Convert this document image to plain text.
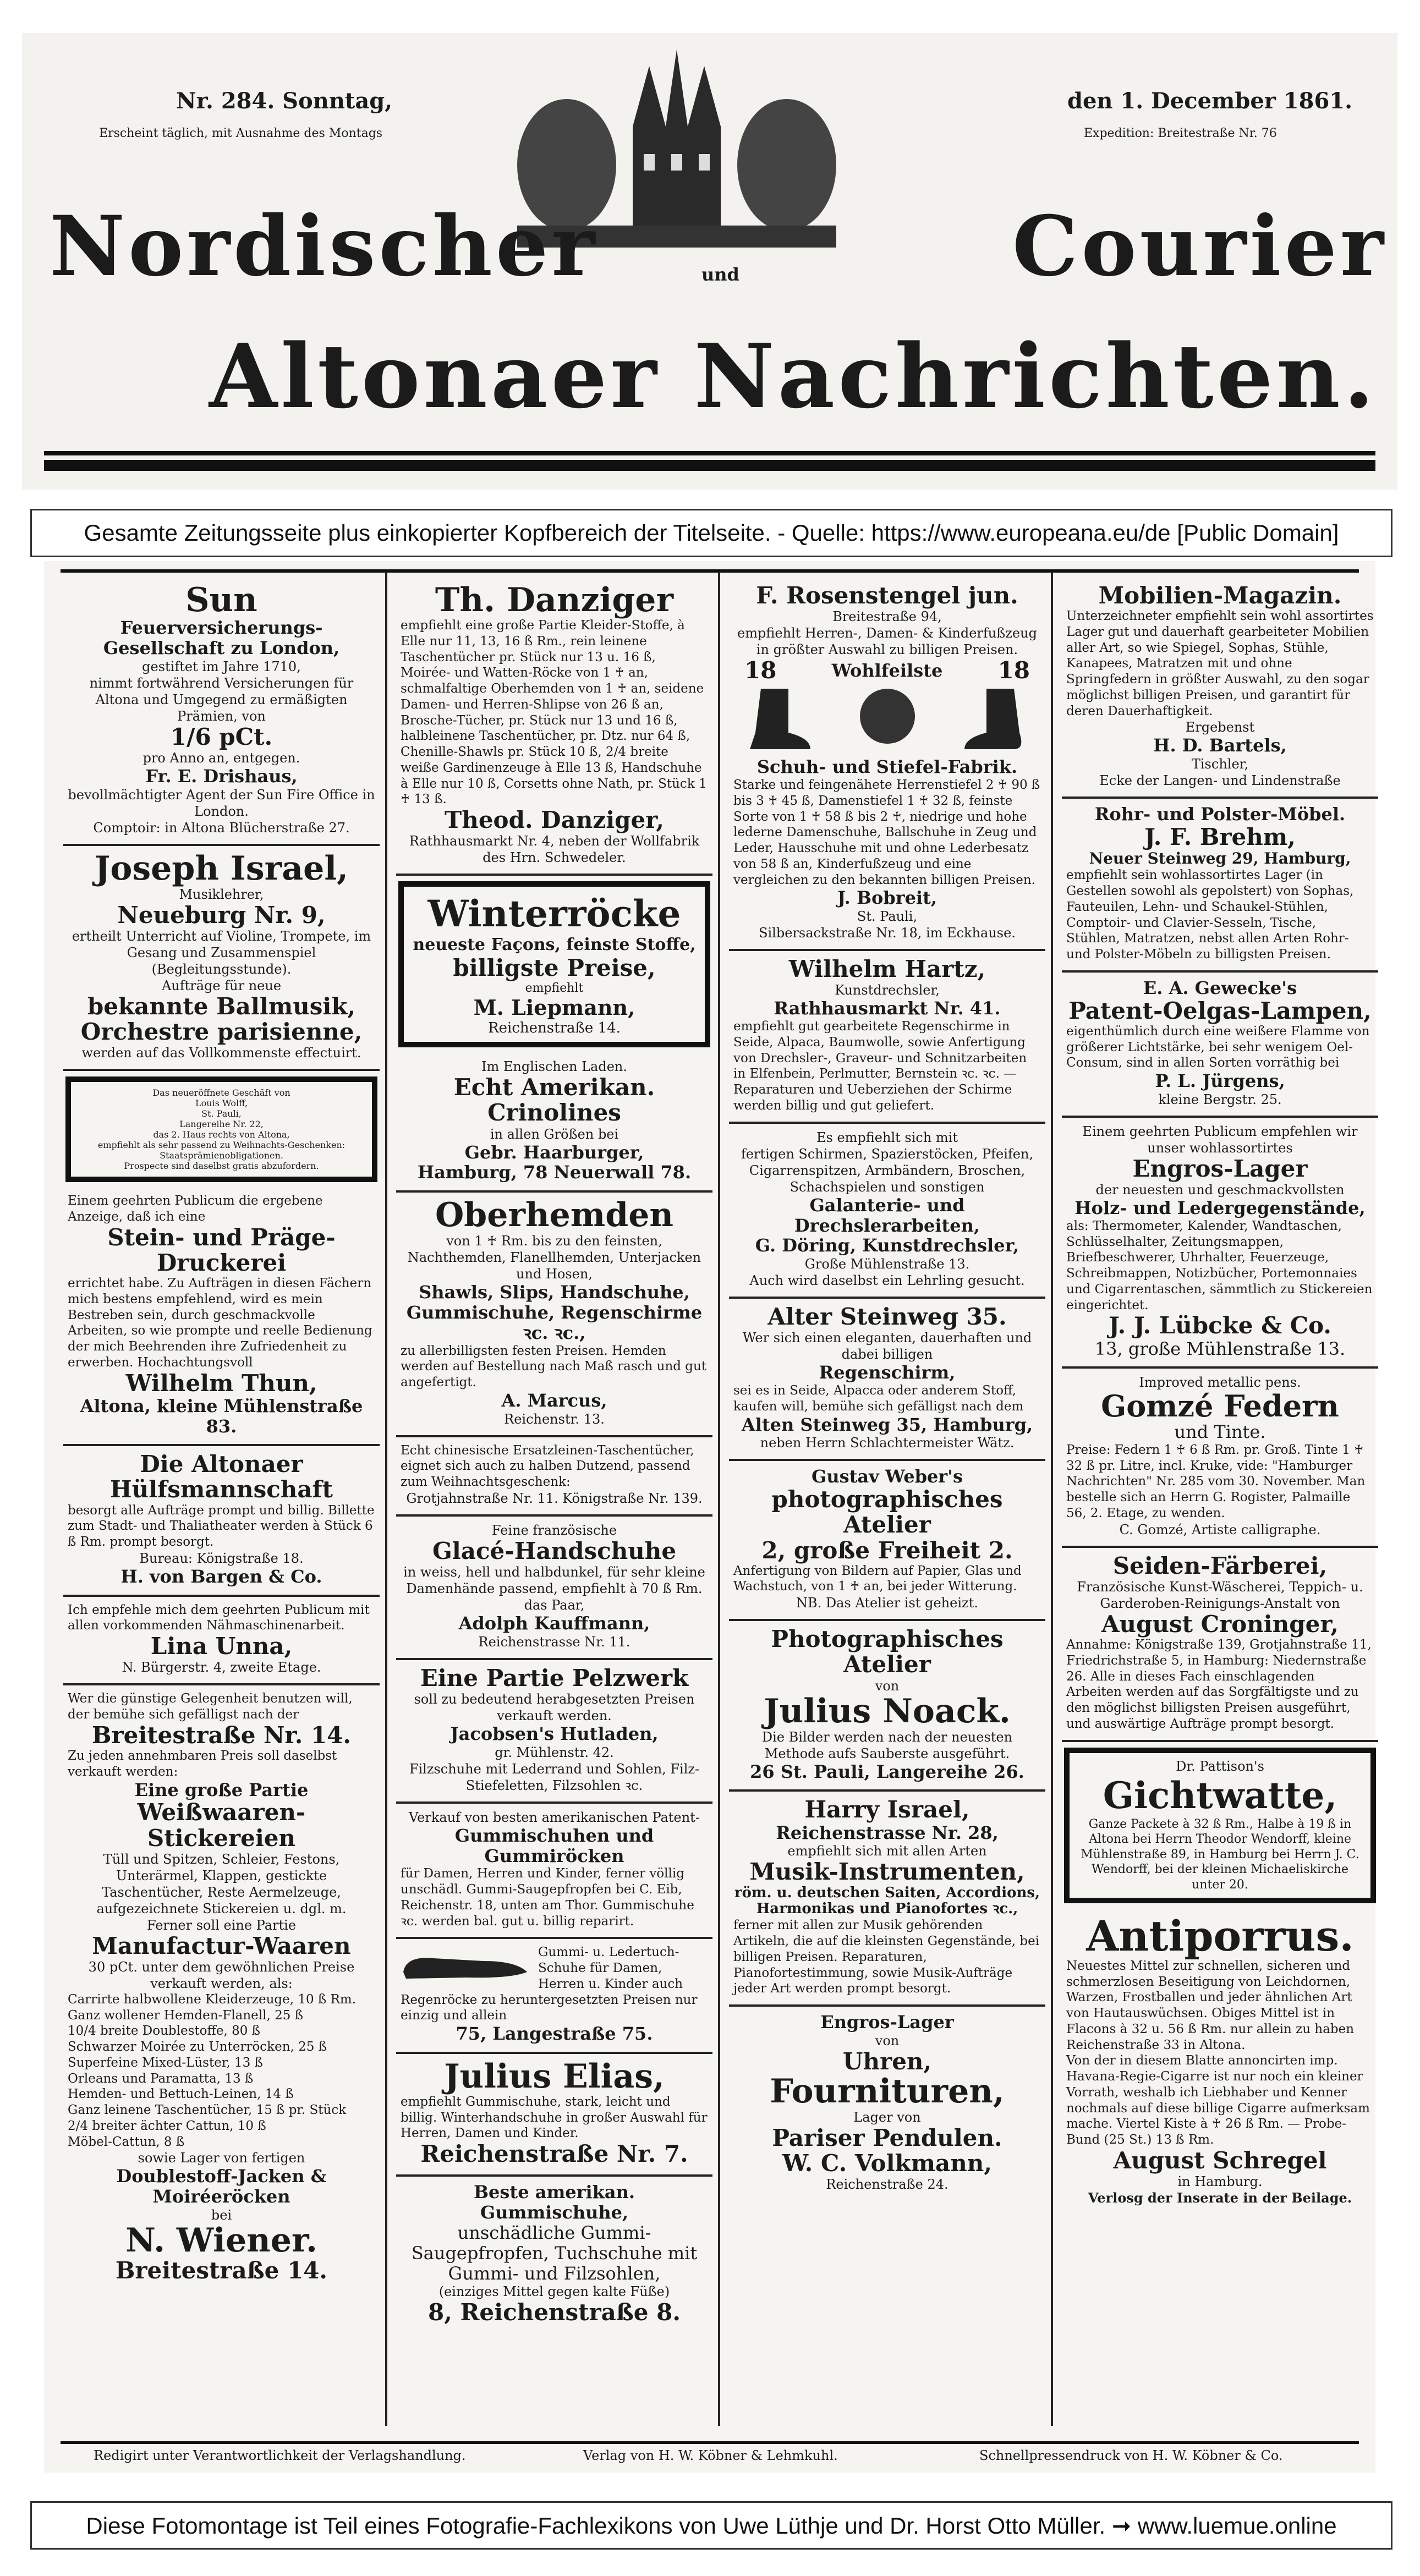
Nr. 284. Sonntag,	den 1. December 1861.
Erscheint täglich, mit Ausnahme des Montags	Expedition: Breitestraße Nr. 76
Nordischer	und	Courier
Altonaer Nachrichten.
Gesamte Zeitungsseite plus einkopierter Kopfbereich der Titelseite. - Quelle: https://www.europeana.eu/de [Public Domain]
Sun
Feuerversicherungs-Gesellschaft zu London,
gestiftet im Jahre 1710,
nimmt fortwährend Versicherungen für Altona und Umgegend zu ermäßigten Prämien, von
1/6 pCt.
pro Anno an, entgegen.
Fr. E. Drishaus,
bevollmächtigter Agent der Sun Fire Office in London.
Comptoir: in Altona Blücherstraße 27.
Joseph Israel,
Musiklehrer,
Neueburg Nr. 9,
ertheilt Unterricht auf Violine, Trompete, im Gesang und Zusammenspiel (Begleitungsstunde).
Aufträge für neue
bekannte Ballmusik,
Orchestre parisienne,
werden auf das Vollkommenste effectuirt.
Das neueröffnete Geschäft von
Louis Wolff,
St. Pauli,
Langereihe Nr. 22,
das 2. Haus rechts von Altona,
empfiehlt als sehr passend zu Weihnachts-Geschenken:
Staatsprämienobligationen.
Prospecte sind daselbst gratis abzufordern.
Einem geehrten Publicum die ergebene Anzeige, daß ich eine
Stein- und Präge-Druckerei
errichtet habe. Zu Aufträgen in diesen Fächern mich bestens empfehlend, wird es mein Bestreben sein, durch geschmackvolle Arbeiten, so wie prompte und reelle Bedienung der mich Beehrenden ihre Zufriedenheit zu erwerben. Hochachtungsvoll
Wilhelm Thun,
Altona, kleine Mühlenstraße 83.
Die Altonaer Hülfsmannschaft
besorgt alle Aufträge prompt und billig. Billette zum Stadt- und Thaliatheater werden à Stück 6 ß Rm. prompt besorgt.
Bureau: Königstraße 18.
H. von Bargen & Co.
Ich empfehle mich dem geehrten Publicum mit allen vorkommenden Nähmaschinenarbeit.
Lina Unna,
N. Bürgerstr. 4, zweite Etage.
Wer die günstige Gelegenheit benutzen will, der bemühe sich gefälligst nach der
Breitestraße Nr. 14.
Zu jeden annehmbaren Preis soll daselbst verkauft werden:
Eine große Partie
Weißwaaren- Stickereien
Tüll und Spitzen, Schleier, Festons, Unterärmel, Klappen, gestickte Taschentücher, Reste Aermelzeuge, aufgezeichnete Stickereien u. dgl. m.
Ferner soll eine Partie
Manufactur-Waaren
30 pCt. unter dem gewöhnlichen Preise verkauft werden, als:
Carrirte halbwollene Kleiderzeuge, 10 ß Rm.
Ganz wollener Hemden-Flanell, 25 ß
10/4 breite Doublestoffe, 80 ß
Schwarzer Moirée zu Unterröcken, 25 ß
Superfeine Mixed-Lüster, 13 ß
Orleans und Paramatta, 13 ß
Hemden- und Bettuch-Leinen, 14 ß
Ganz leinene Taschentücher, 15 ß pr. Stück
2/4 breiter ächter Cattun, 10 ß
Möbel-Cattun, 8 ß
sowie Lager von fertigen
Doublestoff-Jacken & Moiréeröcken
bei
N. Wiener.
Breitestraße 14.
Th. Danziger
empfiehlt eine große Partie Kleider-Stoffe, à Elle nur 11, 13, 16 ß Rm., rein leinene Taschentücher pr. Stück nur 13 u. 16 ß, Moirée- und Watten-Röcke von 1 ♰ an, schmalfaltige Oberhemden von 1 ♰ an, seidene Damen- und Herren-Shlipse von 26 ß an, Brosche-Tücher, pr. Stück nur 13 und 16 ß, halbleinene Taschentücher, pr. Dtz. nur 64 ß, Chenille-Shawls pr. Stück 10 ß, 2/4 breite weiße Gardinenzeuge à Elle 13 ß, Handschuhe à Elle nur 10 ß, Corsetts ohne Nath, pr. Stück 1 ♰ 13 ß.
Theod. Danziger,
Rathhausmarkt Nr. 4, neben der Wollfabrik des Hrn. Schwedeler.
Winterröcke
neueste Façons, feinste Stoffe,
billigste Preise,
empfiehlt
M. Liepmann,
Reichenstraße 14.
Im Englischen Laden.
Echt Amerikan. Crinolines
in allen Größen bei
Gebr. Haarburger,
Hamburg, 78 Neuerwall 78.
Oberhemden
von 1 ♰ Rm. bis zu den feinsten, Nachthemden, Flanellhemden, Unterjacken und Hosen,
Shawls, Slips, Handschuhe, Gummischuhe, Regenschirme ꝛc. ꝛc.,
zu allerbilligsten festen Preisen. Hemden werden auf Bestellung nach Maß rasch und gut angefertigt.
A. Marcus,
Reichenstr. 13.
Echt chinesische Ersatzleinen-Taschentücher, eignet sich auch zu halben Dutzend, passend zum Weihnachtsgeschenk:
Grotjahnstraße Nr. 11. Königstraße Nr. 139.
Feine französische
Glacé-Handschuhe
in weiss, hell und halbdunkel, für sehr kleine Damenhände passend, empfiehlt à 70 ß Rm. das Paar,
Adolph Kauffmann,
Reichenstrasse Nr. 11.
Eine Partie Pelzwerk
soll zu bedeutend herabgesetzten Preisen verkauft werden.
Jacobsen's Hutladen,
gr. Mühlenstr. 42.
Filzschuhe mit Lederrand und Sohlen, Filz-Stiefeletten, Filzsohlen ꝛc.
Verkauf von besten amerikanischen Patent-
Gummischuhen und Gummiröcken
für Damen, Herren und Kinder, ferner völlig unschädl. Gummi-Saugepfropfen bei C. Eib, Reichenstr. 18, unten am Thor. Gummischuhe ꝛc. werden bal. gut u. billig reparirt.
Gummi- u. Ledertuch-Schuhe für Damen, Herren u. Kinder auch Regenröcke zu heruntergesetzten Preisen nur einzig und allein
75, Langestraße 75.
Julius Elias,
empfiehlt Gummischuhe, stark, leicht und billig. Winterhandschuhe in großer Auswahl für Herren, Damen und Kinder.
Reichenstraße Nr. 7.
Beste amerikan. Gummischuhe,
unschädliche Gummi-Saugepfropfen, Tuchschuhe mit Gummi- und Filzsohlen,
(einziges Mittel gegen kalte Füße)
8, Reichenstraße 8.
F. Rosenstengel jun.
Breitestraße 94,
empfiehlt Herren-, Damen- & Kinderfußzeug in größter Auswahl zu billigen Preisen.
18	Wohlfeilste 18
Schuh- und Stiefel-Fabrik.
Starke und feingenähete Herrenstiefel 2 ♰ 90 ß bis 3 ♰ 45 ß, Damenstiefel 1 ♰ 32 ß, feinste Sorte von 1 ♰ 58 ß bis 2 ♰, niedrige und hohe lederne Damenschuhe, Ballschuhe in Zeug und Leder, Hausschuhe mit und ohne Lederbesatz von 58 ß an, Kinderfußzeug und eine vergleichen zu den bekannten billigen Preisen.
J. Bobreit,
St. Pauli,
Silbersackstraße Nr. 18, im Eckhause.
Wilhelm Hartz,
Kunstdrechsler,
Rathhausmarkt Nr. 41.
empfiehlt gut gearbeitete Regenschirme in Seide, Alpaca, Baumwolle, sowie Anfertigung von Drechsler-, Graveur- und Schnitzarbeiten in Elfenbein, Perlmutter, Bernstein ꝛc. ꝛc. — Reparaturen und Ueberziehen der Schirme werden billig und gut geliefert.
Es empfiehlt sich mit
fertigen Schirmen, Spazierstöcken, Pfeifen, Cigarrenspitzen, Armbändern, Broschen, Schachspielen und sonstigen
Galanterie- und Drechslerarbeiten,
G. Döring, Kunstdrechsler,
Große Mühlenstraße 13.
Auch wird daselbst ein Lehrling gesucht.
Alter Steinweg 35.
Wer sich einen eleganten, dauerhaften und dabei billigen
Regenschirm,
sei es in Seide, Alpacca oder anderem Stoff, kaufen will, bemühe sich gefälligst nach dem
Alten Steinweg 35, Hamburg,
neben Herrn Schlachtermeister Wätz.
Gustav Weber's
photographisches Atelier
2, große Freiheit 2.
Anfertigung von Bildern auf Papier, Glas und Wachstuch, von 1 ♰ an, bei jeder Witterung.
NB. Das Atelier ist geheizt.
Photographisches Atelier
von
Julius Noack.
Die Bilder werden nach der neuesten Methode aufs Sauberste ausgeführt.
26 St. Pauli, Langereihe 26.
Harry Israel,
Reichenstrasse Nr. 28,
empfiehlt sich mit allen Arten
Musik-Instrumenten,
röm. u. deutschen Saiten, Accordions, Harmonikas und Pianofortes ꝛc.,
ferner mit allen zur Musik gehörenden Artikeln, die auf die kleinsten Gegenstände, bei billigen Preisen. Reparaturen, Pianofortestimmung, sowie Musik-Aufträge jeder Art werden prompt besorgt.
Engros-Lager
von
Uhren,
Fournituren,
Lager von
Pariser Pendulen.
W. C. Volkmann,
Reichenstraße 24.
Mobilien-Magazin.
Unterzeichneter empfiehlt sein wohl assortirtes Lager gut und dauerhaft gearbeiteter Mobilien aller Art, so wie Spiegel, Sophas, Stühle, Kanapees, Matratzen mit und ohne Springfedern in größter Auswahl, zu den sogar möglichst billigen Preisen, und garantirt für deren Dauerhaftigkeit.
Ergebenst
H. D. Bartels,
Tischler,
Ecke der Langen- und Lindenstraße
Rohr- und Polster-Möbel.
J. F. Brehm,
Neuer Steinweg 29, Hamburg,
empfiehlt sein wohlassortirtes Lager (in Gestellen sowohl als gepolstert) von Sophas, Fauteuilen, Lehn- und Schaukel-Stühlen, Comptoir- und Clavier-Sesseln, Tische, Stühlen, Matratzen, nebst allen Arten Rohr- und Polster-Möbeln zu billigsten Preisen.
E. A. Gewecke's
Patent-Oelgas-Lampen,
eigenthümlich durch eine weißere Flamme von größerer Lichtstärke, bei sehr wenigem Oel-Consum, sind in allen Sorten vorräthig bei
P. L. Jürgens,
kleine Bergstr. 25.
Einem geehrten Publicum empfehlen wir unser wohlassortirtes
Engros-Lager
der neuesten und geschmackvollsten
Holz- und Ledergegenstände,
als: Thermometer, Kalender, Wandtaschen, Schlüsselhalter, Zeitungsmappen, Briefbeschwerer, Uhrhalter, Feuerzeuge, Schreibmappen, Notizbücher, Portemonnaies und Cigarrentaschen, sämmtlich zu Stickereien eingerichtet.
J. J. Lübcke & Co.
13, große Mühlenstraße 13.
Improved metallic pens.
Gomzé Federn
und Tinte.
Preise: Federn 1 ♰ 6 ß Rm. pr. Groß. Tinte 1 ♰ 32 ß pr. Litre, incl. Kruke, vide: "Hamburger Nachrichten" Nr. 285 vom 30. November. Man bestelle sich an Herrn G. Rogister, Palmaille 56, 2. Etage, zu wenden.
C. Gomzé, Artiste calligraphe.
Seiden-Färberei,
Französische Kunst-Wäscherei, Teppich- u. Garderoben-Reinigungs-Anstalt von
August Croninger,
Annahme: Königstraße 139, Grotjahnstraße 11, Friedrichstraße 5, in Hamburg: Niedernstraße 26. Alle in dieses Fach einschlagenden Arbeiten werden auf das Sorgfältigste und zu den möglichst billigsten Preisen ausgeführt, und auswärtige Aufträge prompt besorgt.
Dr. Pattison's
Gichtwatte,
Ganze Packete à 32 ß Rm., Halbe à 19 ß in Altona bei Herrn Theodor Wendorff, kleine Mühlenstraße 89, in Hamburg bei Herrn J. C. Wendorff, bei der kleinen Michaeliskirche unter 20.
Antiporrus.
Neuestes Mittel zur schnellen, sicheren und schmerzlosen Beseitigung von Leichdornen, Warzen, Frostballen und jeder ähnlichen Art von Hautauswüchsen. Obiges Mittel ist in Flacons à 32 u. 56 ß Rm. nur allein zu haben Reichenstraße 33 in Altona.
Von der in diesem Blatte annoncirten imp. Havana-Regie-Cigarre ist nur noch ein kleiner Vorrath, weshalb ich Liebhaber und Kenner nochmals auf diese billige Cigarre aufmerksam mache. Viertel Kiste à ♰ 26 ß Rm. — Probe-Bund (25 St.) 13 ß Rm.
August Schregel
in Hamburg.
Verlosg der Inserate in der Beilage.
Redigirt unter Verantwortlichkeit der Verlagshandlung.	Verlag von H. W. Köbner & Lehmkuhl.	Schnellpressendruck von H. W. Köbner & Co.
Diese Fotomontage ist Teil eines Fotografie-Fachlexikons von Uwe Lüthje und Dr. Horst Otto Müller. ➞ www.luemue.online
